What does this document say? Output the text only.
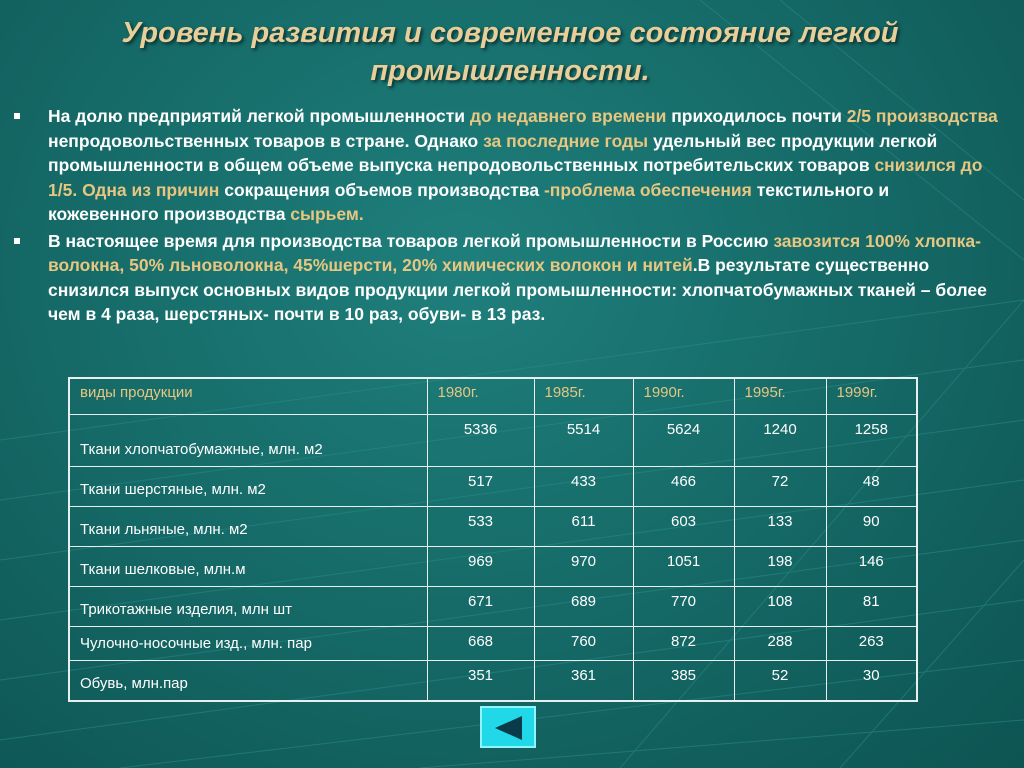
Уровень развития и современное состояние легкой
промышленности.
На долю предприятий легкой промышленности до недавнего времени приходилось почти 2/5 производства непродовольственных товаров в стране. Однако за последние годы удельный вес продукции легкой промышленности в общем объеме выпуска непродовольственных потребительских товаров снизился до 1/5. Одна из причин сокращения объемов производства -проблема обеспечения текстильного и кожевенного производства сырьем.
В настоящее время для производства товаров легкой промышленности в Россию завозится 100% хлопка-волокна, 50% льноволокна, 45%шерсти, 20% химических волокон и нитей.В результате существенно снизился выпуск основных видов продукции легкой промышленности: хлопчатобумажных тканей – более чем в 4 раза, шерстяных- почти в 10 раз, обуви- в 13 раз.
виды продукции	1980г.	1985г.	1990г.	1995г.	1999г.
Ткани хлопчатобумажные, млн. м2	5336	5514	5624	1240	1258
Ткани шерстяные, млн. м2	517	433	466	72	48
Ткани льняные, млн. м2	533	611	603	133	90
Ткани шелковые, млн.м	969	970	1051	198	146
Трикотажные изделия, млн шт	671	689	770	108	81
Чулочно-носочные изд., млн. пар	668	760	872	288	263
Обувь, млн.пар	351	361	385	52	30
